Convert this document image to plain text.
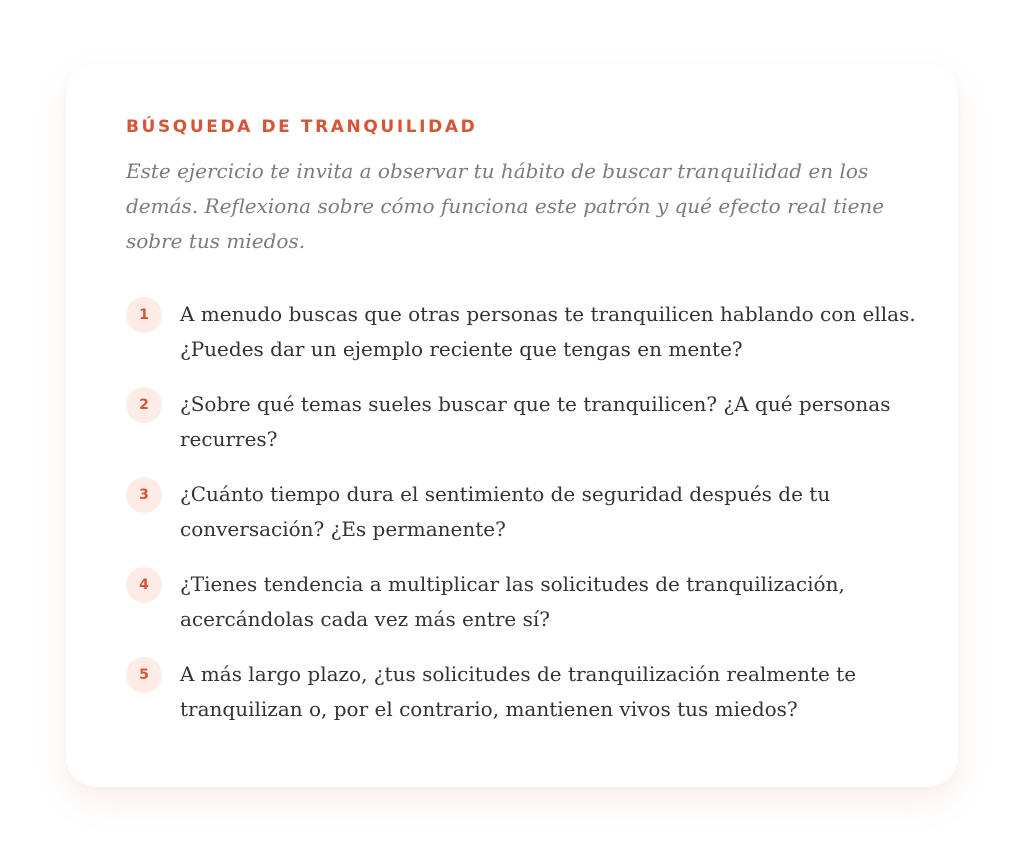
BÚSQUEDA DE TRANQUILIDAD

Este ejercicio te invita a observar tu hábito de buscar tranquilidad en los demás. Reflexiona sobre cómo funciona este patrón y qué efecto real tiene sobre tus miedos.

1	A menudo buscas que otras personas te tranquilicen hablando con ellas. ¿Puedes dar un ejemplo reciente que tengas en mente?
2	¿Sobre qué temas sueles buscar que te tranquilicen? ¿A qué personas recurres?
3	¿Cuánto tiempo dura el sentimiento de seguridad después de tu conversación? ¿Es permanente?
4	¿Tienes tendencia a multiplicar las solicitudes de tranquilización, acercándolas cada vez más entre sí?
5	A más largo plazo, ¿tus solicitudes de tranquilización realmente te tranquilizan o, por el contrario, mantienen vivos tus miedos?
